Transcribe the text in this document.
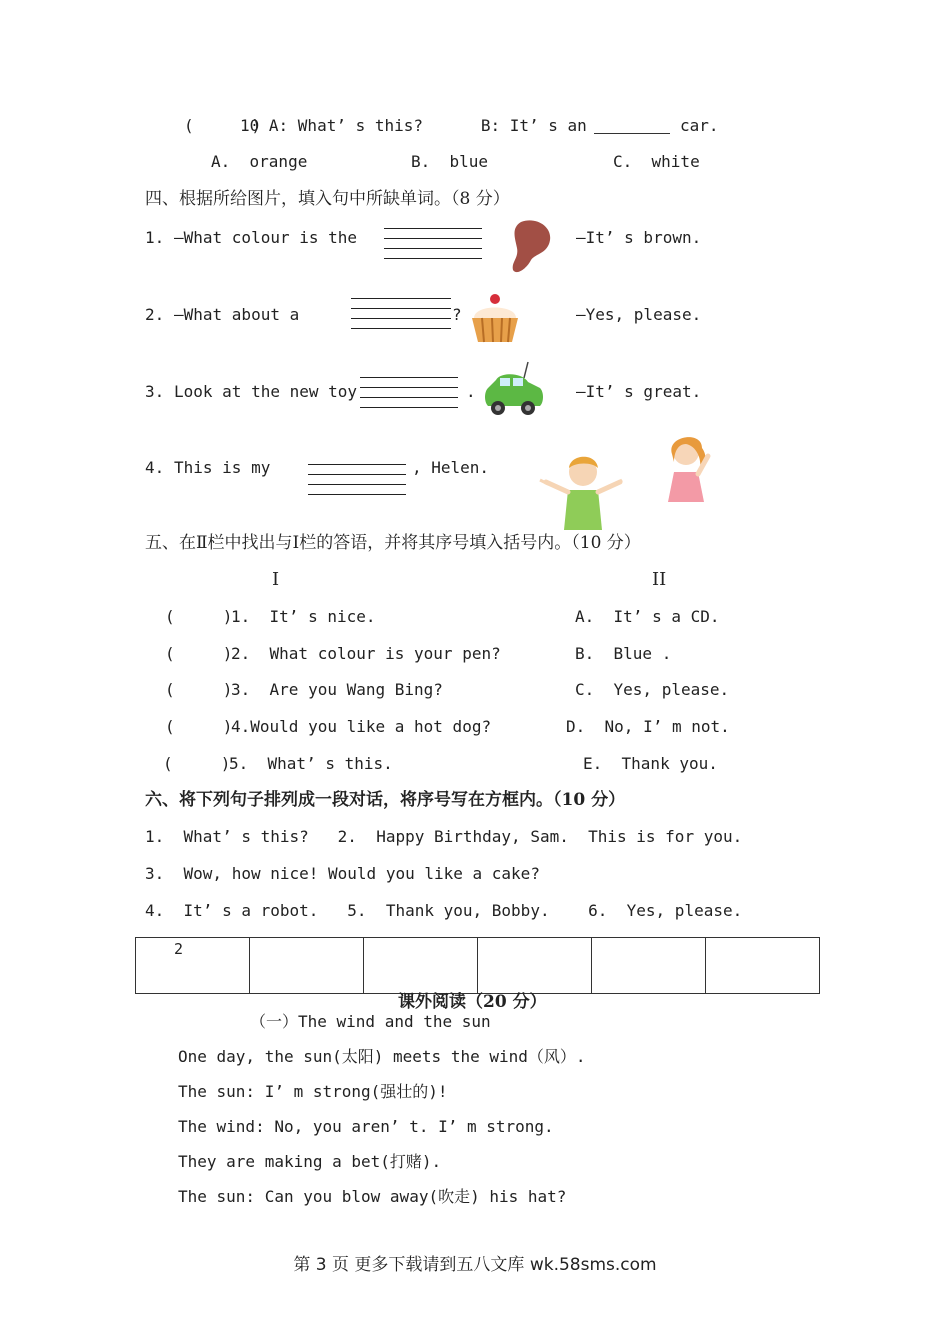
(      )
10 A: What’ s this?      B: It’ s an	car.
A.  orange	B.  blue	C.  white
四、根据所给图片，填入句中所缺单词。（8 分）
1. —What colour is the	—It’ s brown.
2. —What about a	?	—Yes, please.
3. Look at the new toy	.	—It’ s great.
4. This is my	, Helen.
五、在Ⅱ栏中找出与Ⅰ栏的答语，并将其序号填入括号内。（10 分）
I	II
(     )
1.  It’ s nice.	A.  It’ s a CD.
(     )
2.  What colour is your pen?	B.  Blue .
(     )
3.  Are you Wang Bing?	C.  Yes, please.
(     )
4.Would you like a hot dog?	D.  No, I’ m not.
(     )
5.  What’ s this.	E.  Thank you.
六、将下列句子排列成一段对话，将序号写在方框内。（10 分）
1.  What’ s this?   2.  Happy Birthday, Sam.  This is for you.
3.  Wow, how nice! Would you like a cake?
4.  It’ s a robot.   5.  Thank you, Bobby.    6.  Yes, please.
2

课外阅读（20 分）
（一）The wind and the sun
One day, the sun(太阳) meets the wind（风）.
The sun: I’ m strong(强壮的)!
The wind: No, you aren’ t. I’ m strong.
They are making a bet(打赌).
The sun: Can you blow away(吹走) his hat?
第 3 页 更多下载请到五八文库 wk.58sms.com
